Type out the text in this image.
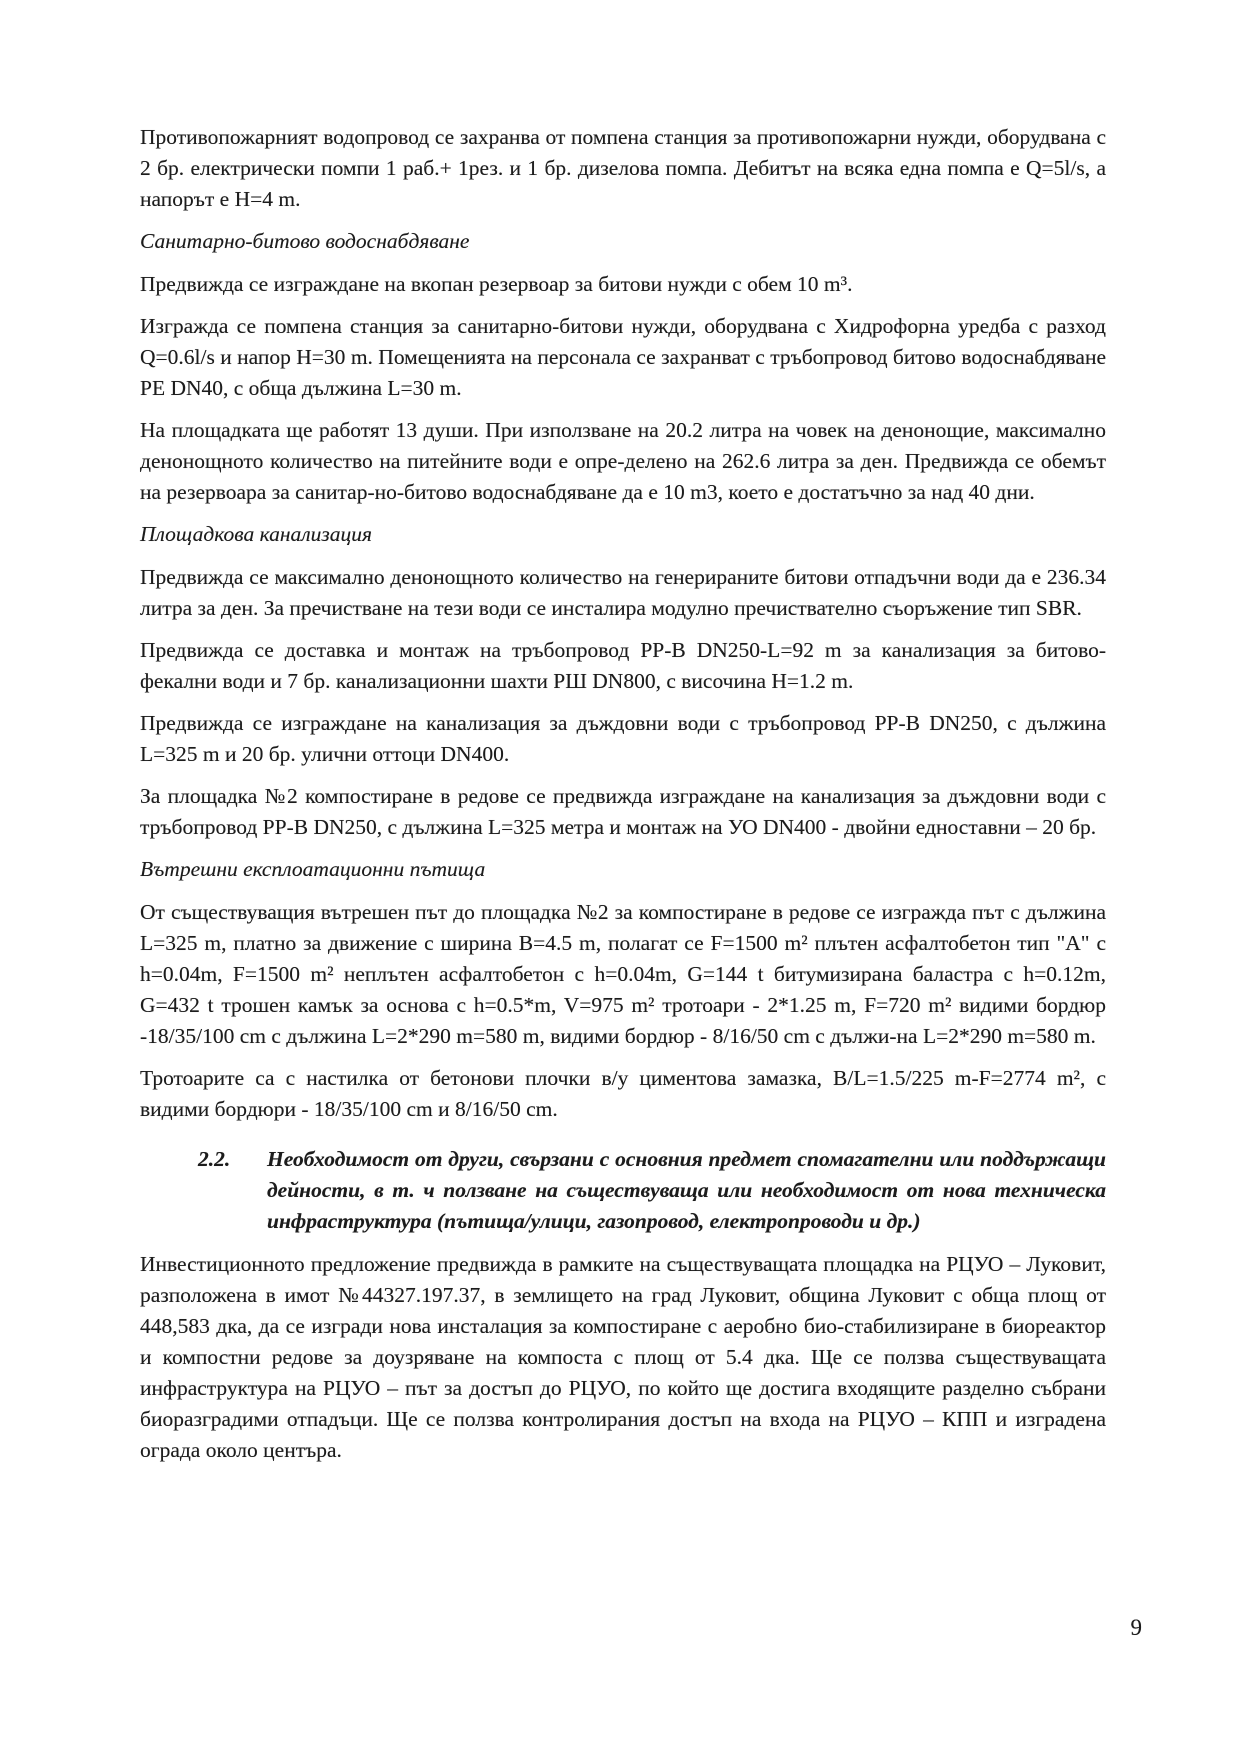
Противопожарният водопровод се захранва от помпена станция за противопожарни нужди, оборудвана с 2 бр. електрически помпи 1 раб.+ 1рез. и 1 бр. дизелова помпа. Дебитът на всяка една помпа е Q=5l/s, а напорът е H=4 m.

Санитарно-битово водоснабдяване

Предвижда се изграждане на вкопан резервоар за битови нужди с обем 10 m³.

Изгражда се помпена станция за санитарно-битови нужди, оборудвана с Хидрофорна уредба с разход Q=0.6l/s и напор H=30 m. Помещенията на персонала се захранват с тръбопровод битово водоснабдяване PE DN40, с обща дължина L=30 m.

На площадката ще работят 13 души. При използване на 20.2 литра на човек на денонощие, максимално денонощното количество на питейните води е опре-делено на 262.6 литра за ден. Предвижда се обемът на резервоара за санитар-но-битово водоснабдяване да е 10 m3, което е достатъчно за над 40 дни.

Площадкова канализация

Предвижда се максимално денонощното количество на генерираните битови отпадъчни води да е 236.34 литра за ден. За пречистване на тези води се инсталира модулно пречиствателно съоръжение тип SBR.

Предвижда се доставка и монтаж на тръбопровод PP-B DN250-L=92 m за канализация за битово-фекални води и 7 бр. канализационни шахти РШ DN800, с височина H=1.2 m.

Предвижда се изграждане на канализация за дъждовни води с тръбопровод PP-B DN250, с дължина L=325 m и 20 бр. улични оттоци DN400.

За площадка №2 компостиране в редове се предвижда изграждане на канализация за дъждовни води с тръбопровод PP-B DN250, с дължина L=325 метра и монтаж на УО DN400 - двойни едноставни – 20 бр.

Вътрешни експлоатационни пътища

От съществуващия вътрешен път до площадка №2 за компостиране в редове се изгражда път с дължина L=325 m, платно за движение с ширина B=4.5 m, полагат се F=1500 m² плътен асфалтобетон тип "А" с h=0.04m, F=1500 m² неплътен асфалтобетон с h=0.04m, G=144 t битумизирана баластра с h=0.12m, G=432 t трошен камък за основа с h=0.5*m, V=975 m² тротоари - 2*1.25 m, F=720 m² видими бордюр -18/35/100 cm с дължина L=2*290 m=580 m, видими бордюр - 8/16/50 cm с дължи-на L=2*290 m=580 m.

Тротоарите са с настилка от бетонови плочки в/у циментова замазка, B/L=1.5/225 m-F=2774 m², с видими бордюри - 18/35/100 cm и 8/16/50 cm.

2.2.	Необходимост от други, свързани с основния предмет спомагателни или поддържащи дейности, в т. ч ползване на съществуваща или необходимост от нова техническа инфраструктура (пътища/улици, газопровод, електропроводи и др.)

Инвестиционното предложение предвижда в рамките на съществуващата площадка на РЦУО – Луковит, разположена в имот №44327.197.37, в землището на град Луковит, община Луковит с обща площ от 448,583 дка, да се изгради нова инсталация за компостиране с аеробно био-стабилизиране в биореактор и компостни редове за доузряване на компоста с площ от 5.4 дка. Ще се ползва съществуващата инфраструктура на РЦУО – път за достъп до РЦУО, по който ще достига входящите разделно събрани биоразградими отпадъци. Ще се ползва контролирания достъп на входа на РЦУО – КПП и изградена ограда около центъра.

9
